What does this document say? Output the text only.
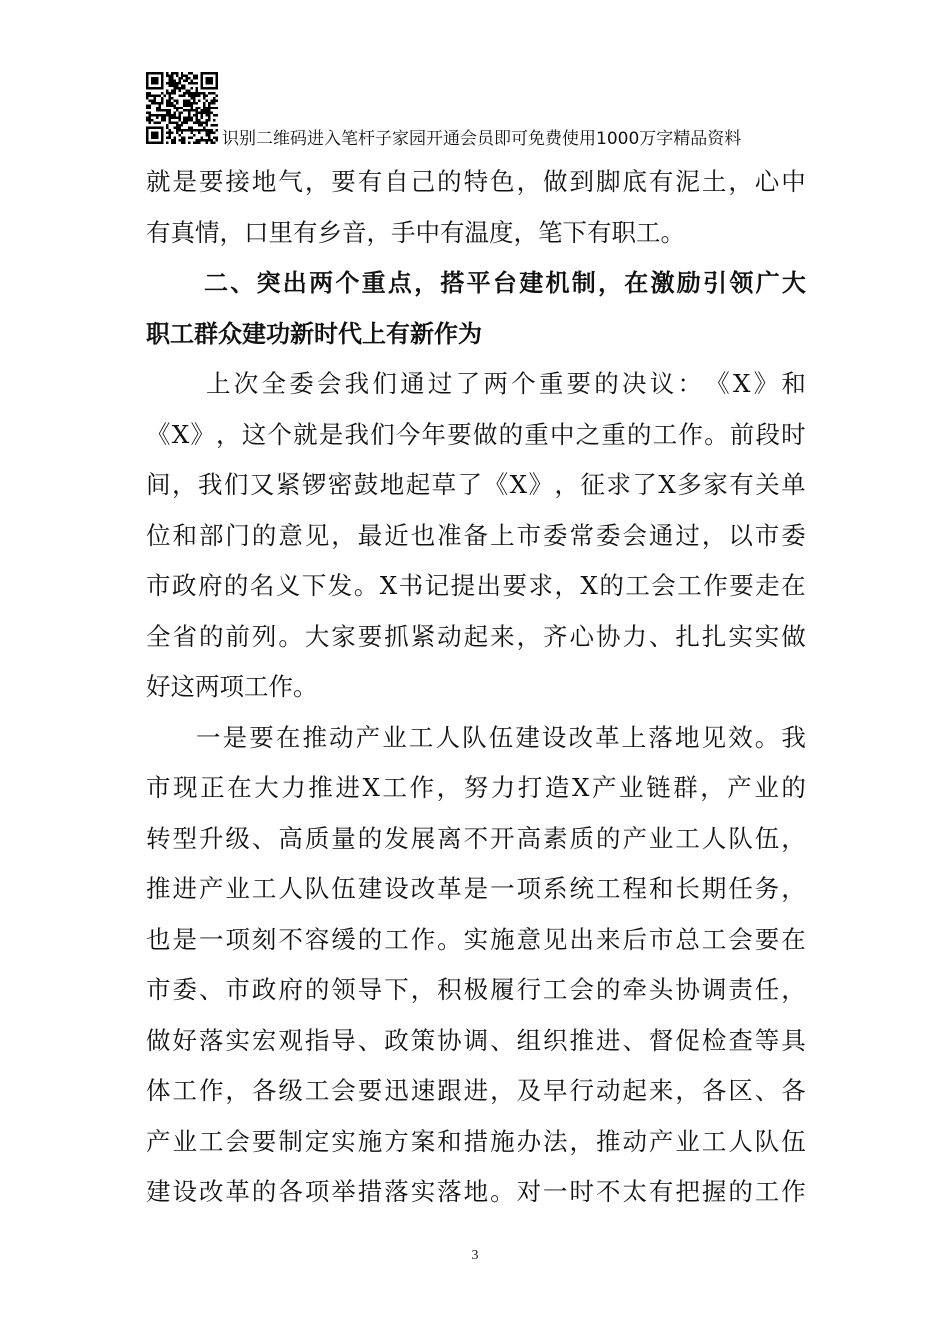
识别二维码进入笔杆子家园开通会员即可免费使用1000万字精品资料
就 是 要 接 地 气 ， 要 有 自 己 的 特 色 ， 做 到 脚 底 有 泥 土 ， 心 中
有真情，口里有乡音，手中有温度，笔下有职工。
二 、 突 出 两 个 重 点 ， 搭 平 台 建 机 制 ， 在 激 励 引 领 广 大
职工群众建功新时代上有新作为
上 次 全 委 会 我 们 通 过 了 两 个 重 要 的 决 议 ： 《 X 》 和
《 X 》 ， 这 个 就 是 我 们 今 年 要 做 的 重 中 之 重 的 工 作 。 前 段 时
间 ， 我 们 又 紧 锣 密 鼓 地 起 草 了 《 X 》 ， 征 求 了 X 多 家 有 关 单
位 和 部 门 的 意 见 ， 最 近 也 准 备 上 市 委 常 委 会 通 过 ， 以 市 委
市 政 府 的 名 义 下 发 。 X 书 记 提 出 要 求 ， X 的 工 会 工 作 要 走 在
全 省 的 前 列 。 大 家 要 抓 紧 动 起 来 ， 齐 心 协 力 、 扎 扎 实 实 做
好这两项工作。
一 是 要 在 推 动 产 业 工 人 队 伍 建 设 改 革 上 落 地 见 效 。 我
市 现 正 在 大 力 推 进 X 工 作 ， 努 力 打 造 X 产 业 链 群 ， 产 业 的
转 型 升 级 、 高 质 量 的 发 展 离 不 开 高 素 质 的 产 业 工 人 队 伍 ，
推 进 产 业 工 人 队 伍 建 设 改 革 是 一 项 系 统 工 程 和 长 期 任 务 ，
也 是 一 项 刻 不 容 缓 的 工 作 。 实 施 意 见 出 来 后 市 总 工 会 要 在
市 委 、 市 政 府 的 领 导 下 ， 积 极 履 行 工 会 的 牵 头 协 调 责 任 ，
做 好 落 实 宏 观 指 导 、 政 策 协 调 、 组 织 推 进 、 督 促 检 查 等 具
体 工 作 ， 各 级 工 会 要 迅 速 跟 进 ， 及 早 行 动 起 来 ， 各 区 、 各
产 业 工 会 要 制 定 实 施 方 案 和 措 施 办 法 ， 推 动 产 业 工 人 队 伍
建 设 改 革 的 各 项 举 措 落 实 落 地 。 对 一 时 不 太 有 把 握 的 工 作
3
